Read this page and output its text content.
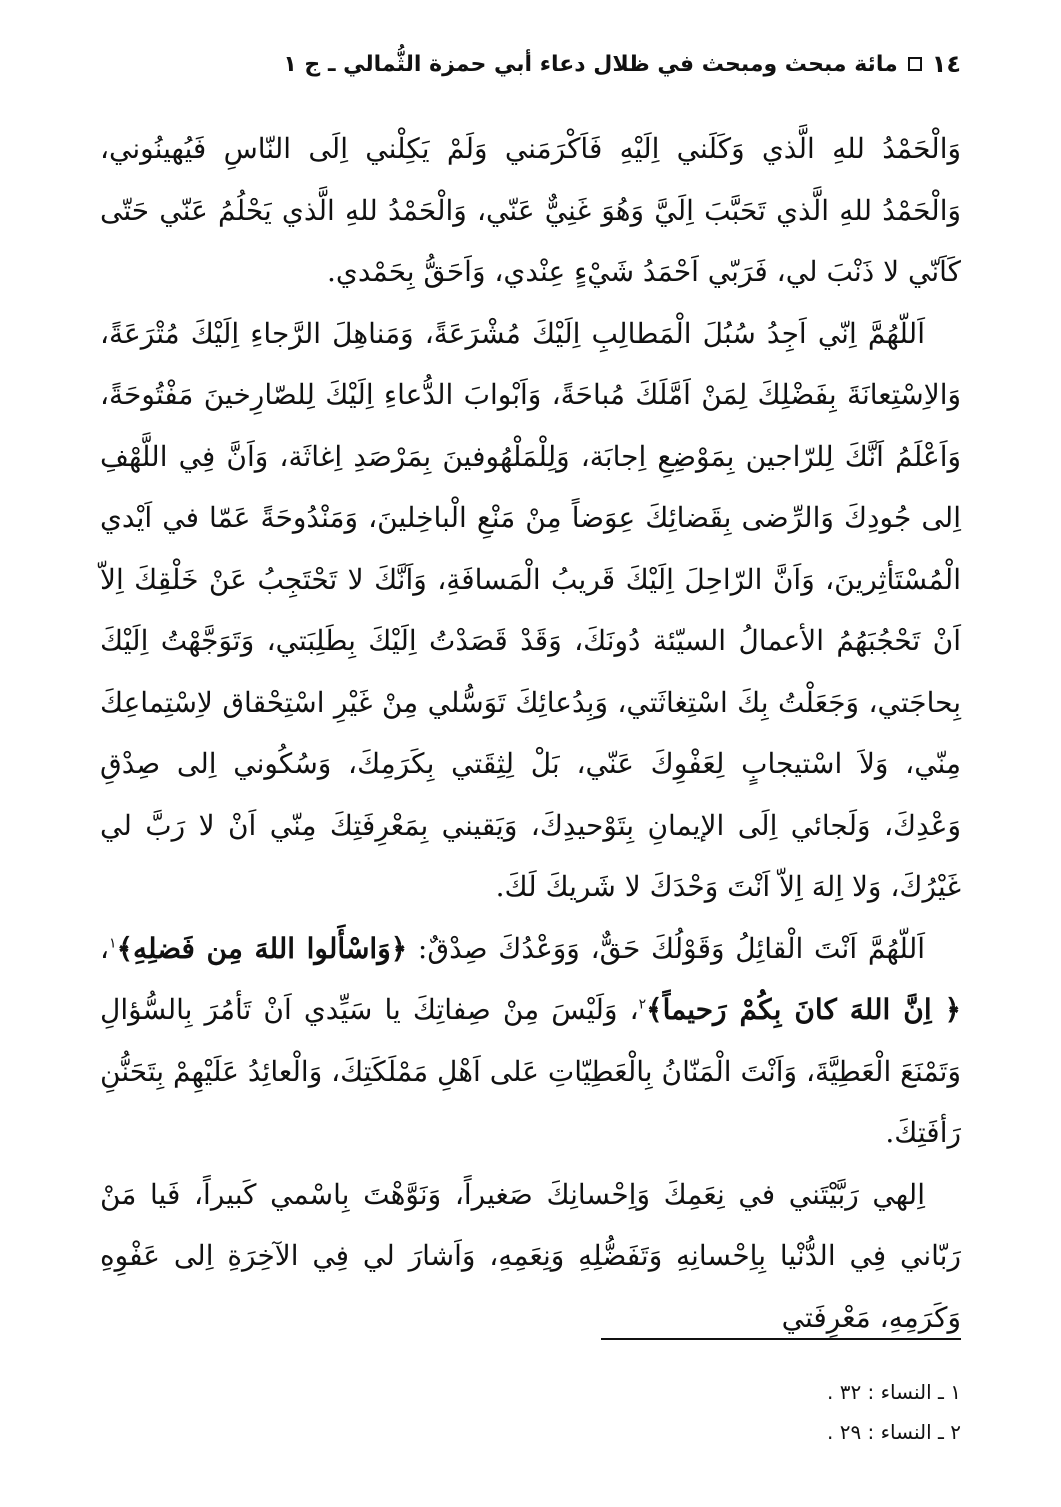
١٤
مائة مبحث ومبحث في ظلال دعاء أبي حمزة الثُّمالي ـ ج ١

وَالْحَمْدُ للهِ الَّذي وَكَلَني اِلَيْهِ فَاَكْرَمَني وَلَمْ يَكِلْني اِلَى النّاسِ فَيُهينُوني، وَالْحَمْدُ للهِ الَّذي تَحَبَّبَ اِلَيَّ وَهُوَ غَنِيٌّ عَنّي، وَالْحَمْدُ للهِ الَّذي يَحْلُمُ عَنّي حَتّى كَاَنّي لا ذَنْبَ لي، فَرَبّي اَحْمَدُ شَيْءٍ عِنْدي، وَاَحَقُّ بِحَمْدي.

اَللّهُمَّ اِنّي اَجِدُ سُبُلَ الْمَطالِبِ اِلَيْكَ مُشْرَعَةً، وَمَناهِلَ الرَّجاءِ اِلَيْكَ مُتْرَعَةً، وَالاِسْتِعانَةَ بِفَضْلِكَ لِمَنْ اَمَّلَكَ مُباحَةً، وَاَبْوابَ الدُّعاءِ اِلَيْكَ لِلصّارِخينَ مَفْتُوحَةً، وَاَعْلَمُ اَنَّكَ لِلرّاجين بِمَوْضِعِ اِجابَة، وَلِلْمَلْهُوفينَ بِمَرْصَدِ اِغاثَة، وَاَنَّ فِي اللَّهْفِ اِلى جُودِكَ وَالرِّضى بِقَضائِكَ عِوَضاً مِنْ مَنْعِ الْباخِلينَ، وَمَنْدُوحَةً عَمّا في اَيْدي الْمُسْتَأثِرينَ، وَاَنَّ الرّاحِلَ اِلَيْكَ قَريبُ الْمَسافَةِ، وَاَنَّكَ لا تَحْتَجِبُ عَنْ خَلْقِكَ اِلاّ اَنْ تَحْجُبَهُمُ الأعمالُ السيّئة دُونَكَ، وَقَدْ قَصَدْتُ اِلَيْكَ بِطَلِبَتي، وَتَوَجَّهْتُ اِلَيْكَ بِحاجَتي، وَجَعَلْتُ بِكَ اسْتِغاثَتي، وَبِدُعائِكَ تَوَسُّلي مِنْ غَيْرِ اسْتِحْقاق لاِسْتِماعِكَ مِنّي، وَلاَ اسْتيجابٍ لِعَفْوِكَ عَنّي، بَلْ لِثِقَتي بِكَرَمِكَ، وَسُكُوني اِلى صِدْقِ وَعْدِكَ، وَلَجائي اِلَى الإيمانِ بِتَوْحيدِكَ، وَيَقيني بِمَعْرِفَتِكَ مِنّي اَنْ لا رَبَّ لي غَيْرُكَ، وَلا اِلهَ اِلاّ اَنْتَ وَحْدَكَ لا شَريكَ لَكَ.

اَللّهُمَّ اَنْتَ الْقائِلُ وَقَوْلُكَ حَقٌّ، وَوَعْدُكَ صِدْقٌ: ﴿وَاسْأَلوا اللهَ مِن فَضلِهِ﴾$^١$، ﴿ اِنَّ اللهَ كانَ بِكُمْ رَحيماً﴾$^٢$، وَلَيْسَ مِنْ صِفاتِكَ يا سَيِّدي اَنْ تَأمُرَ بِالسُّؤالِ وَتَمْنَعَ الْعَطِيَّةَ، وَاَنْتَ الْمَنّانُ بِالْعَطِيّاتِ عَلى اَهْلِ مَمْلَكَتِكَ، وَالْعائِدُ عَلَيْهِمْ بِتَحَنُّنِ رَأفَتِكَ.

اِلهي رَبَّيْتَني في نِعَمِكَ وَاِحْسانِكَ صَغيراً، وَنَوَّهْتَ بِاسْمي كَبيراً، فَيا مَنْ رَبّاني فِي الدُّنْيا بِاِحْسانِهِ وَتَفَضُّلِهِ وَنِعَمِهِ، وَاَشارَ لي فِي الآخِرَةِ اِلى عَفْوِهِ وَكَرَمِهِ، مَعْرِفَتي

١ ـ النساء : ٣٢ .

٢ ـ النساء : ٢٩ .
